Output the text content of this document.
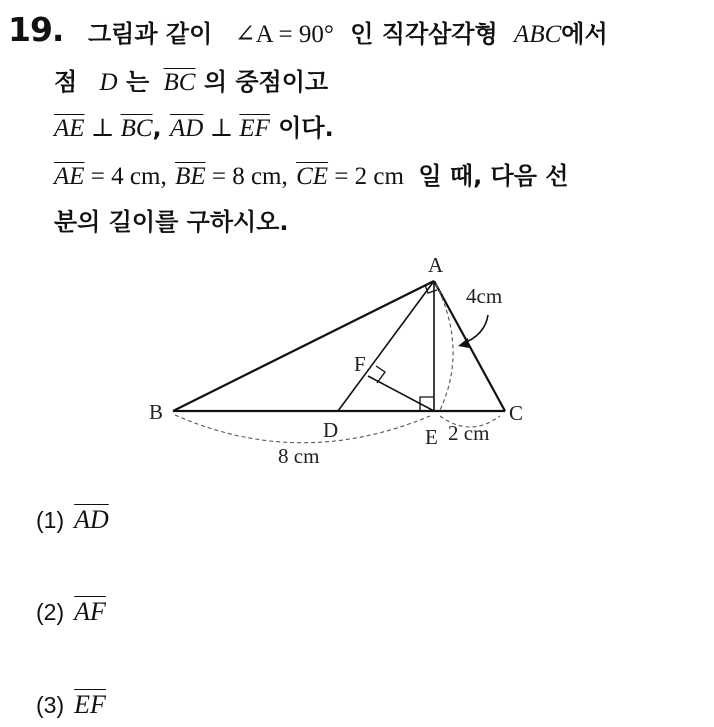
19. 그림과 같이 ∠A = 90° 인 직각삼각형 ABC에서
점 D 는 $\overline{BC}$ 의 중점이고
$\overline{AE}$ ⊥ $\overline{BC}$, $\overline{AD}$ ⊥ $\overline{EF}$ 이다.
$\overline{AE} = 4$ cm, $\overline{BE} = 8$ cm, $\overline{CE} = 2$ cm 일 때, 다음 선
분의 길이를 구하시오.
A
B	C
D	E
F
4cm
8 cm
2 cm
(1) $\overline{AD}$
(2) $\overline{AF}$
(3) $\overline{EF}$
